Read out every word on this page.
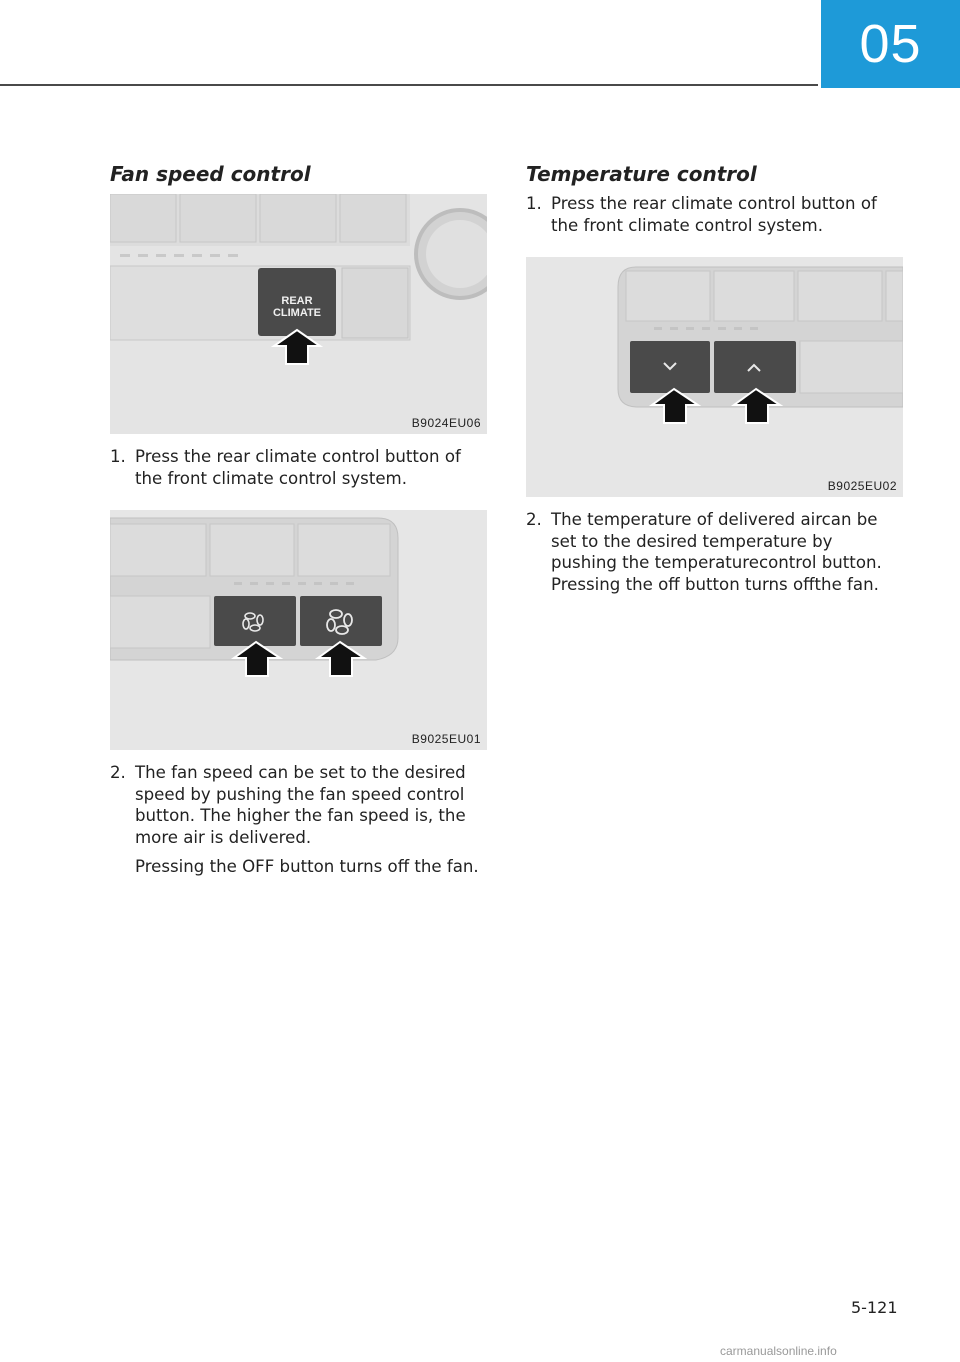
05
Fan speed control
REAR
CLIMATE
B9024EU06
1. Press the rear climate control button of the front climate control system.
B9025EU01
2. The fan speed can be set to the desired speed by pushing the fan speed control button. The higher the fan speed is, the more air is delivered.
Pressing the OFF button turns off the fan.
Temperature control
1. Press the rear climate control button of the front climate control system.
B9025EU02
2. The temperature of delivered aircan be set to the desired temperature by pushing the temperaturecontrol button. Pressing the off button turns offthe fan.
5-121
carmanualsonline.info
